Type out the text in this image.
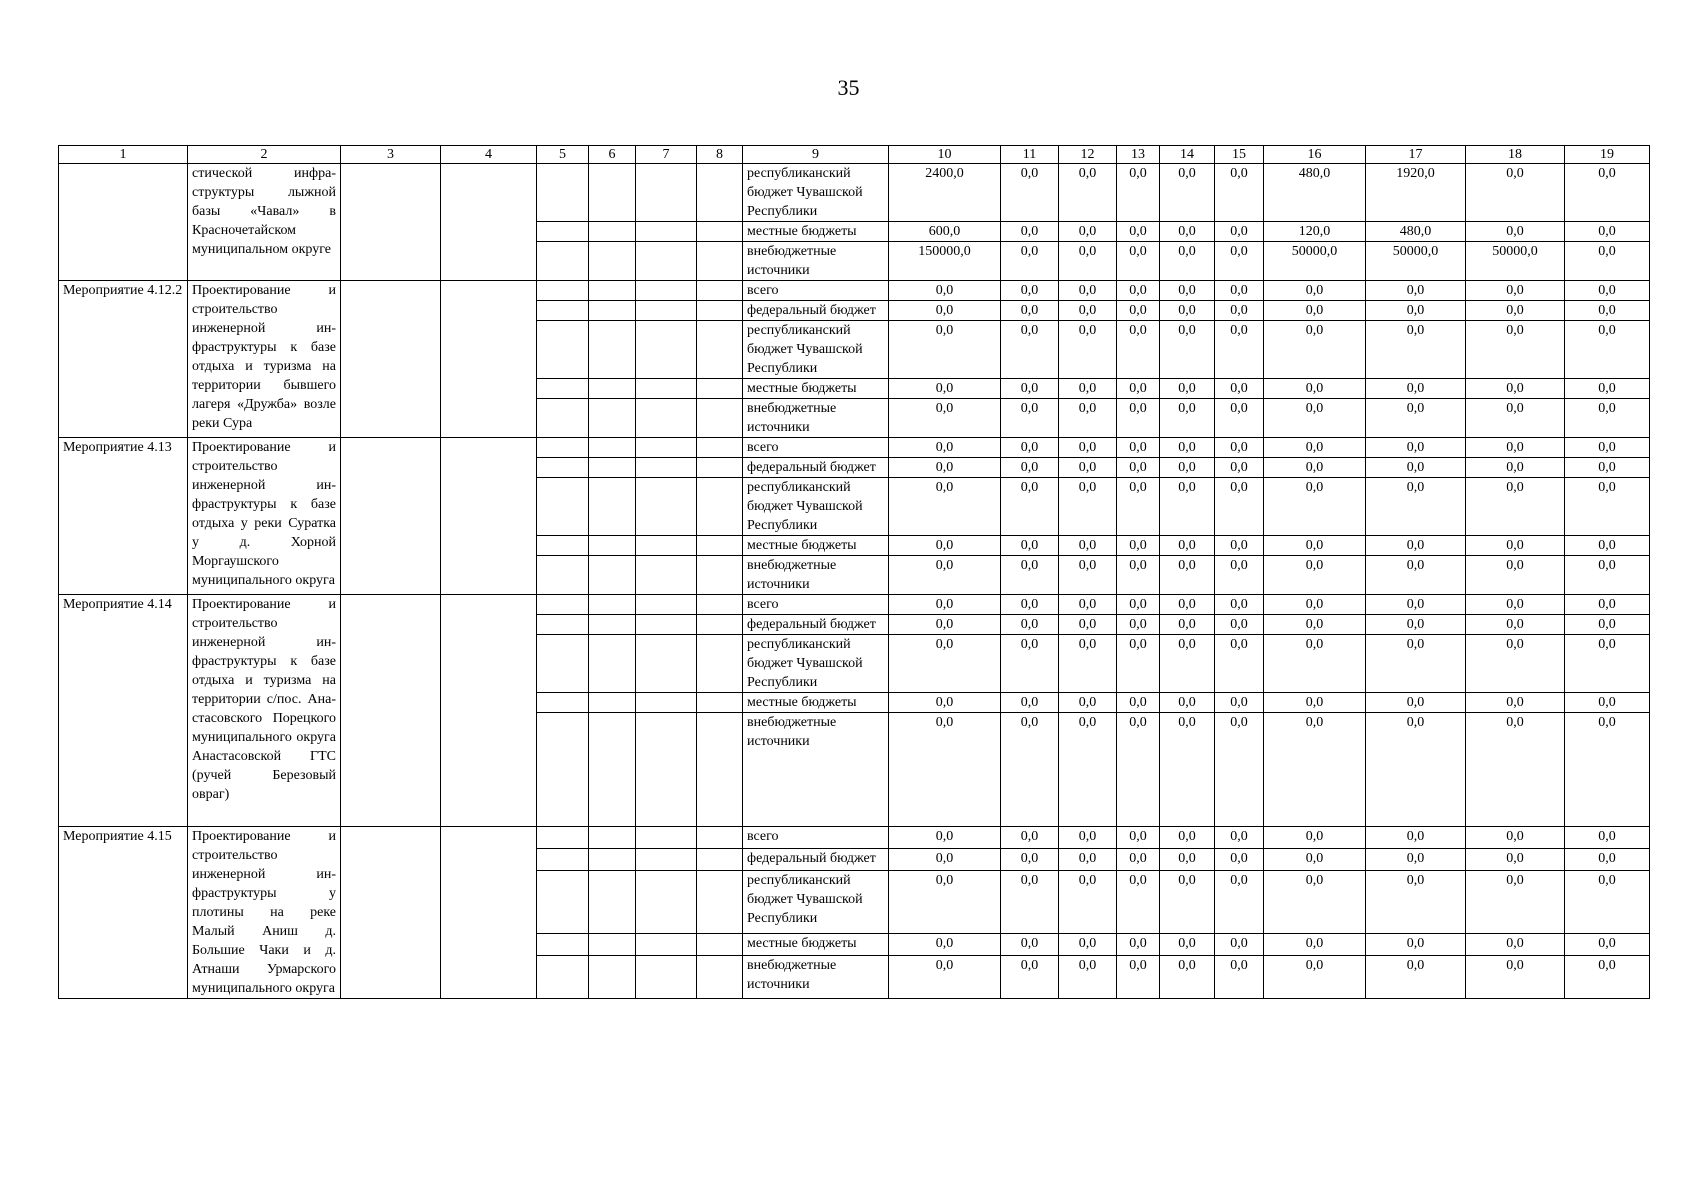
35
1	2	3	4	5	6	7	8	9	10	11	12	13	14	15	16	17	18	19
	стической инфраструктуры лыжной базы «Чавал» в Красночетайском муниципальном округе							республиканский бюджет Чувашской Республики	2400,0	0,0	0,0	0,0	0,0	0,0	480,0	1920,0	0,0	0,0
								местные бюджеты	600,0	0,0	0,0	0,0	0,0	0,0	120,0	480,0	0,0	0,0
								внебюджетные источники	150000,0	0,0	0,0	0,0	0,0	0,0	50000,0	50000,0	50000,0	0,0
Мероприятие 4.12.2	Проектирование и строительство инженерной инфраструктуры к базе отдыха и туризма на территории бывшего лагеря «Дружба» возле реки Сура							всего	0,0	0,0	0,0	0,0	0,0	0,0	0,0	0,0	0,0	0,0
								федеральный бюджет	0,0	0,0	0,0	0,0	0,0	0,0	0,0	0,0	0,0	0,0
								республиканский бюджет Чувашской Республики	0,0	0,0	0,0	0,0	0,0	0,0	0,0	0,0	0,0	0,0
								местные бюджеты	0,0	0,0	0,0	0,0	0,0	0,0	0,0	0,0	0,0	0,0
								внебюджетные источники	0,0	0,0	0,0	0,0	0,0	0,0	0,0	0,0	0,0	0,0
Мероприятие 4.13	Проектирование и строительство инженерной инфраструктуры к базе отдыха у реки Суратка у д. Хорной Моргаушского муниципального округа							всего	0,0	0,0	0,0	0,0	0,0	0,0	0,0	0,0	0,0	0,0
								федеральный бюджет	0,0	0,0	0,0	0,0	0,0	0,0	0,0	0,0	0,0	0,0
								республиканский бюджет Чувашской Республики	0,0	0,0	0,0	0,0	0,0	0,0	0,0	0,0	0,0	0,0
								местные бюджеты	0,0	0,0	0,0	0,0	0,0	0,0	0,0	0,0	0,0	0,0
								внебюджетные источники	0,0	0,0	0,0	0,0	0,0	0,0	0,0	0,0	0,0	0,0
Мероприятие 4.14	Проектирование и строительство инженерной инфраструктуры к базе отдыха и туризма на территории с/пос. Анастасовского Порецкого муниципального округа Анастасовской ГТС (ручей Березовый овраг)							всего	0,0	0,0	0,0	0,0	0,0	0,0	0,0	0,0	0,0	0,0
								федеральный бюджет	0,0	0,0	0,0	0,0	0,0	0,0	0,0	0,0	0,0	0,0
								республиканский бюджет Чувашской Республики	0,0	0,0	0,0	0,0	0,0	0,0	0,0	0,0	0,0	0,0
								местные бюджеты	0,0	0,0	0,0	0,0	0,0	0,0	0,0	0,0	0,0	0,0
								внебюджетные источники	0,0	0,0	0,0	0,0	0,0	0,0	0,0	0,0	0,0	0,0
Мероприятие 4.15	Проектирование и строительство инженерной инфраструктуры у плотины на реке Малый Аниш д. Большие Чаки и д. Атнаши Урмарского муниципального округа							всего	0,0	0,0	0,0	0,0	0,0	0,0	0,0	0,0	0,0	0,0
								федеральный бюджет	0,0	0,0	0,0	0,0	0,0	0,0	0,0	0,0	0,0	0,0
								республиканский бюджет Чувашской Республики	0,0	0,0	0,0	0,0	0,0	0,0	0,0	0,0	0,0	0,0
								местные бюджеты	0,0	0,0	0,0	0,0	0,0	0,0	0,0	0,0	0,0	0,0
								внебюджетные источники	0,0	0,0	0,0	0,0	0,0	0,0	0,0	0,0	0,0	0,0
